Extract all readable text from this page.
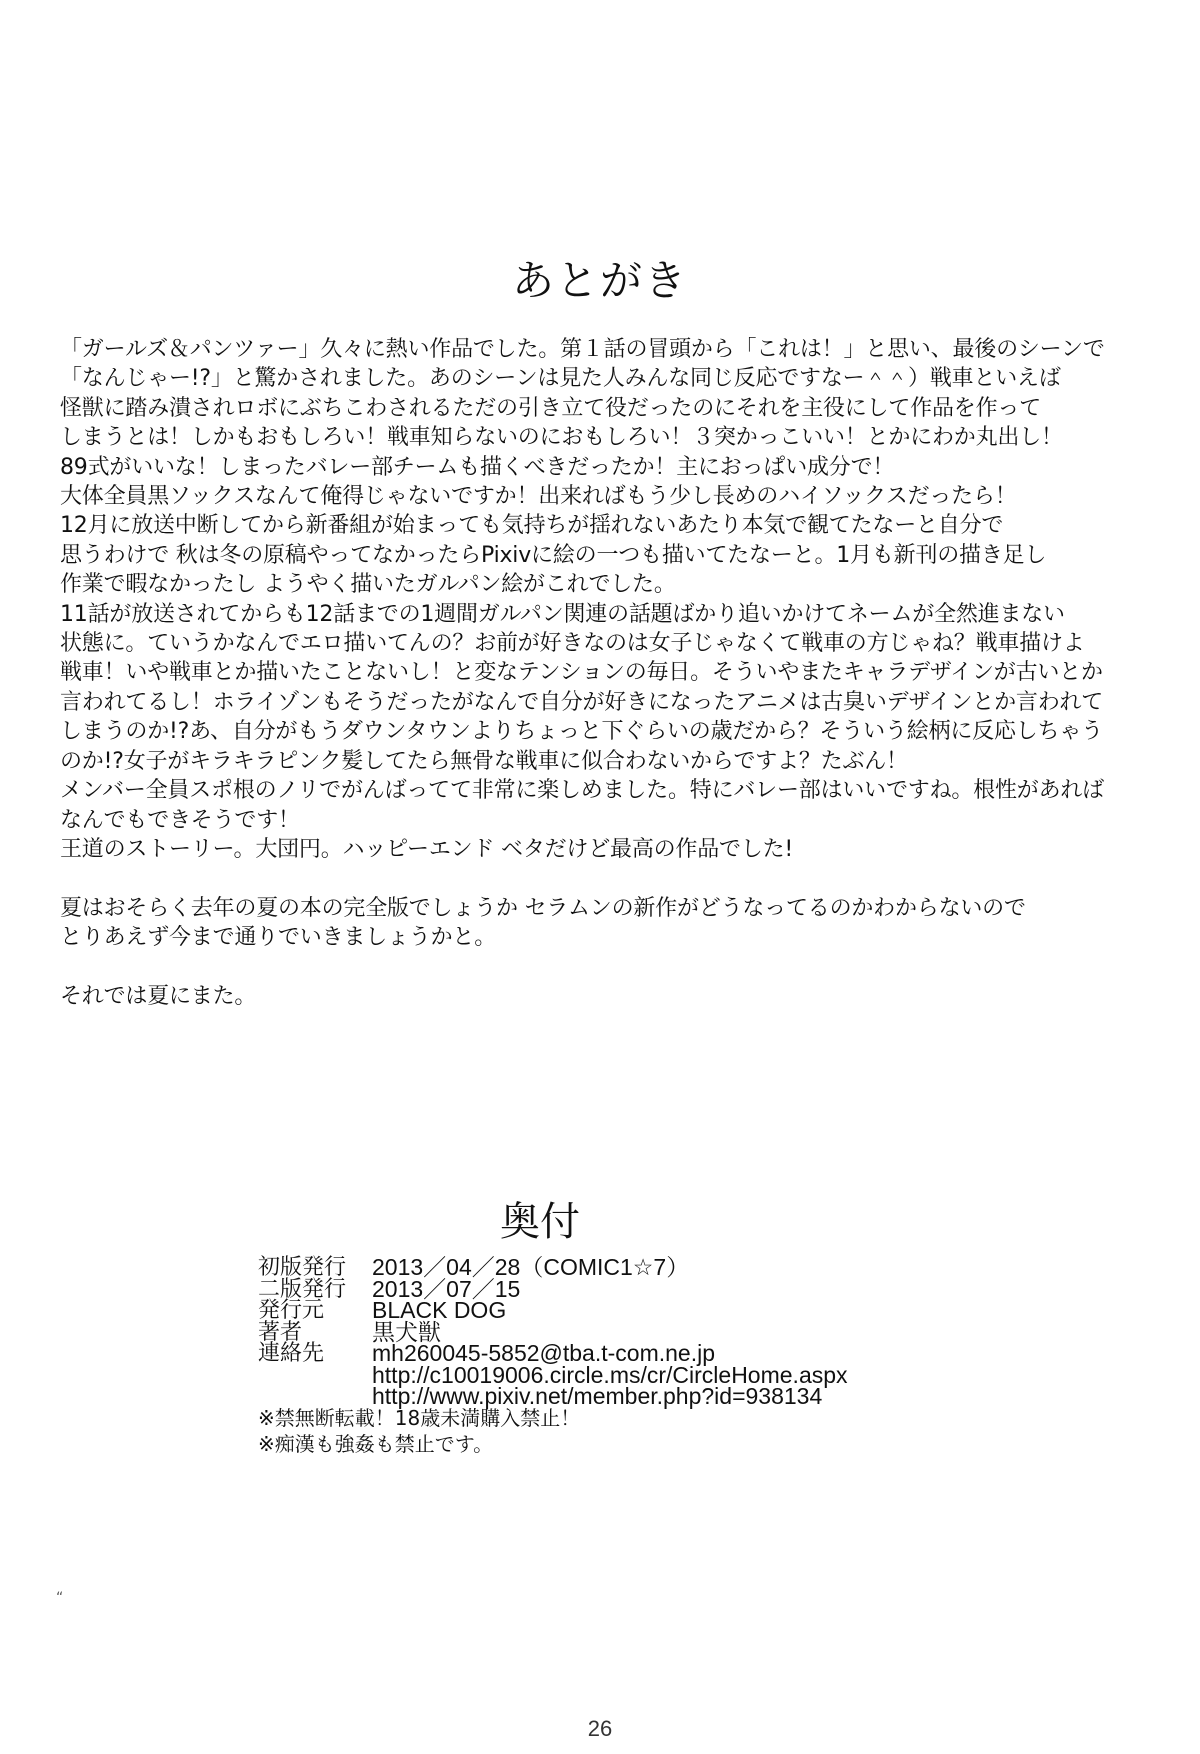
あとがき
「ガールズ＆パンツァー」久々に熱い作品でした。第１話の冒頭から「これは！」と思い、最後のシーンで
「なんじゃー!?」と驚かされました。あのシーンは見た人みんな同じ反応ですなー＾＾）戦車といえば
怪獣に踏み潰されロボにぶちこわされるただの引き立て役だったのにそれを主役にして作品を作って
しまうとは！しかもおもしろい！戦車知らないのにおもしろい！３突かっこいい！とかにわか丸出し！
89式がいいな！しまったバレー部チームも描くべきだったか！主におっぱい成分で！
大体全員黒ソックスなんて俺得じゃないですか！出来ればもう少し長めのハイソックスだったら！
12月に放送中断してから新番組が始まっても気持ちが揺れないあたり本気で観てたなーと自分で
思うわけで 秋は冬の原稿やってなかったらPixivに絵の一つも描いてたなーと。1月も新刊の描き足し
作業で暇なかったし ようやく描いたガルパン絵がこれでした。
11話が放送されてからも12話までの1週間ガルパン関連の話題ばかり追いかけてネームが全然進まない
状態に。ていうかなんでエロ描いてんの？お前が好きなのは女子じゃなくて戦車の方じゃね？戦車描けよ
戦車！いや戦車とか描いたことないし！と変なテンションの毎日。そういやまたキャラデザインが古いとか
言われてるし！ホライゾンもそうだったがなんで自分が好きになったアニメは古臭いデザインとか言われて
しまうのか!?あ、自分がもうダウンタウンよりちょっと下ぐらいの歳だから？そういう絵柄に反応しちゃう
のか!?女子がキラキラピンク髪してたら無骨な戦車に似合わないからですよ？たぶん！
メンバー全員スポ根のノリでがんばってて非常に楽しめました。特にバレー部はいいですね。根性があれば
なんでもできそうです！
王道のストーリー。大団円。ハッピーエンド ベタだけど最高の作品でした!
夏はおそらく去年の夏の本の完全版でしょうか セラムンの新作がどうなってるのかわからないので
とりあえず今まで通りでいきましょうかと。
それでは夏にまた。
奥付
初版発行	2013／04／28（COMIC1☆7）
二版発行	2013／07／15
発行元	BLACK DOG
著者	黒犬獣
連絡先	mh260045-5852@tba.t-com.ne.jp
http://c10019006.circle.ms/cr/CircleHome.aspx
http://www.pixiv.net/member.php?id=938134
※禁無断転載！18歳未満購入禁止！
※痴漢も強姦も禁止です。
“
26
